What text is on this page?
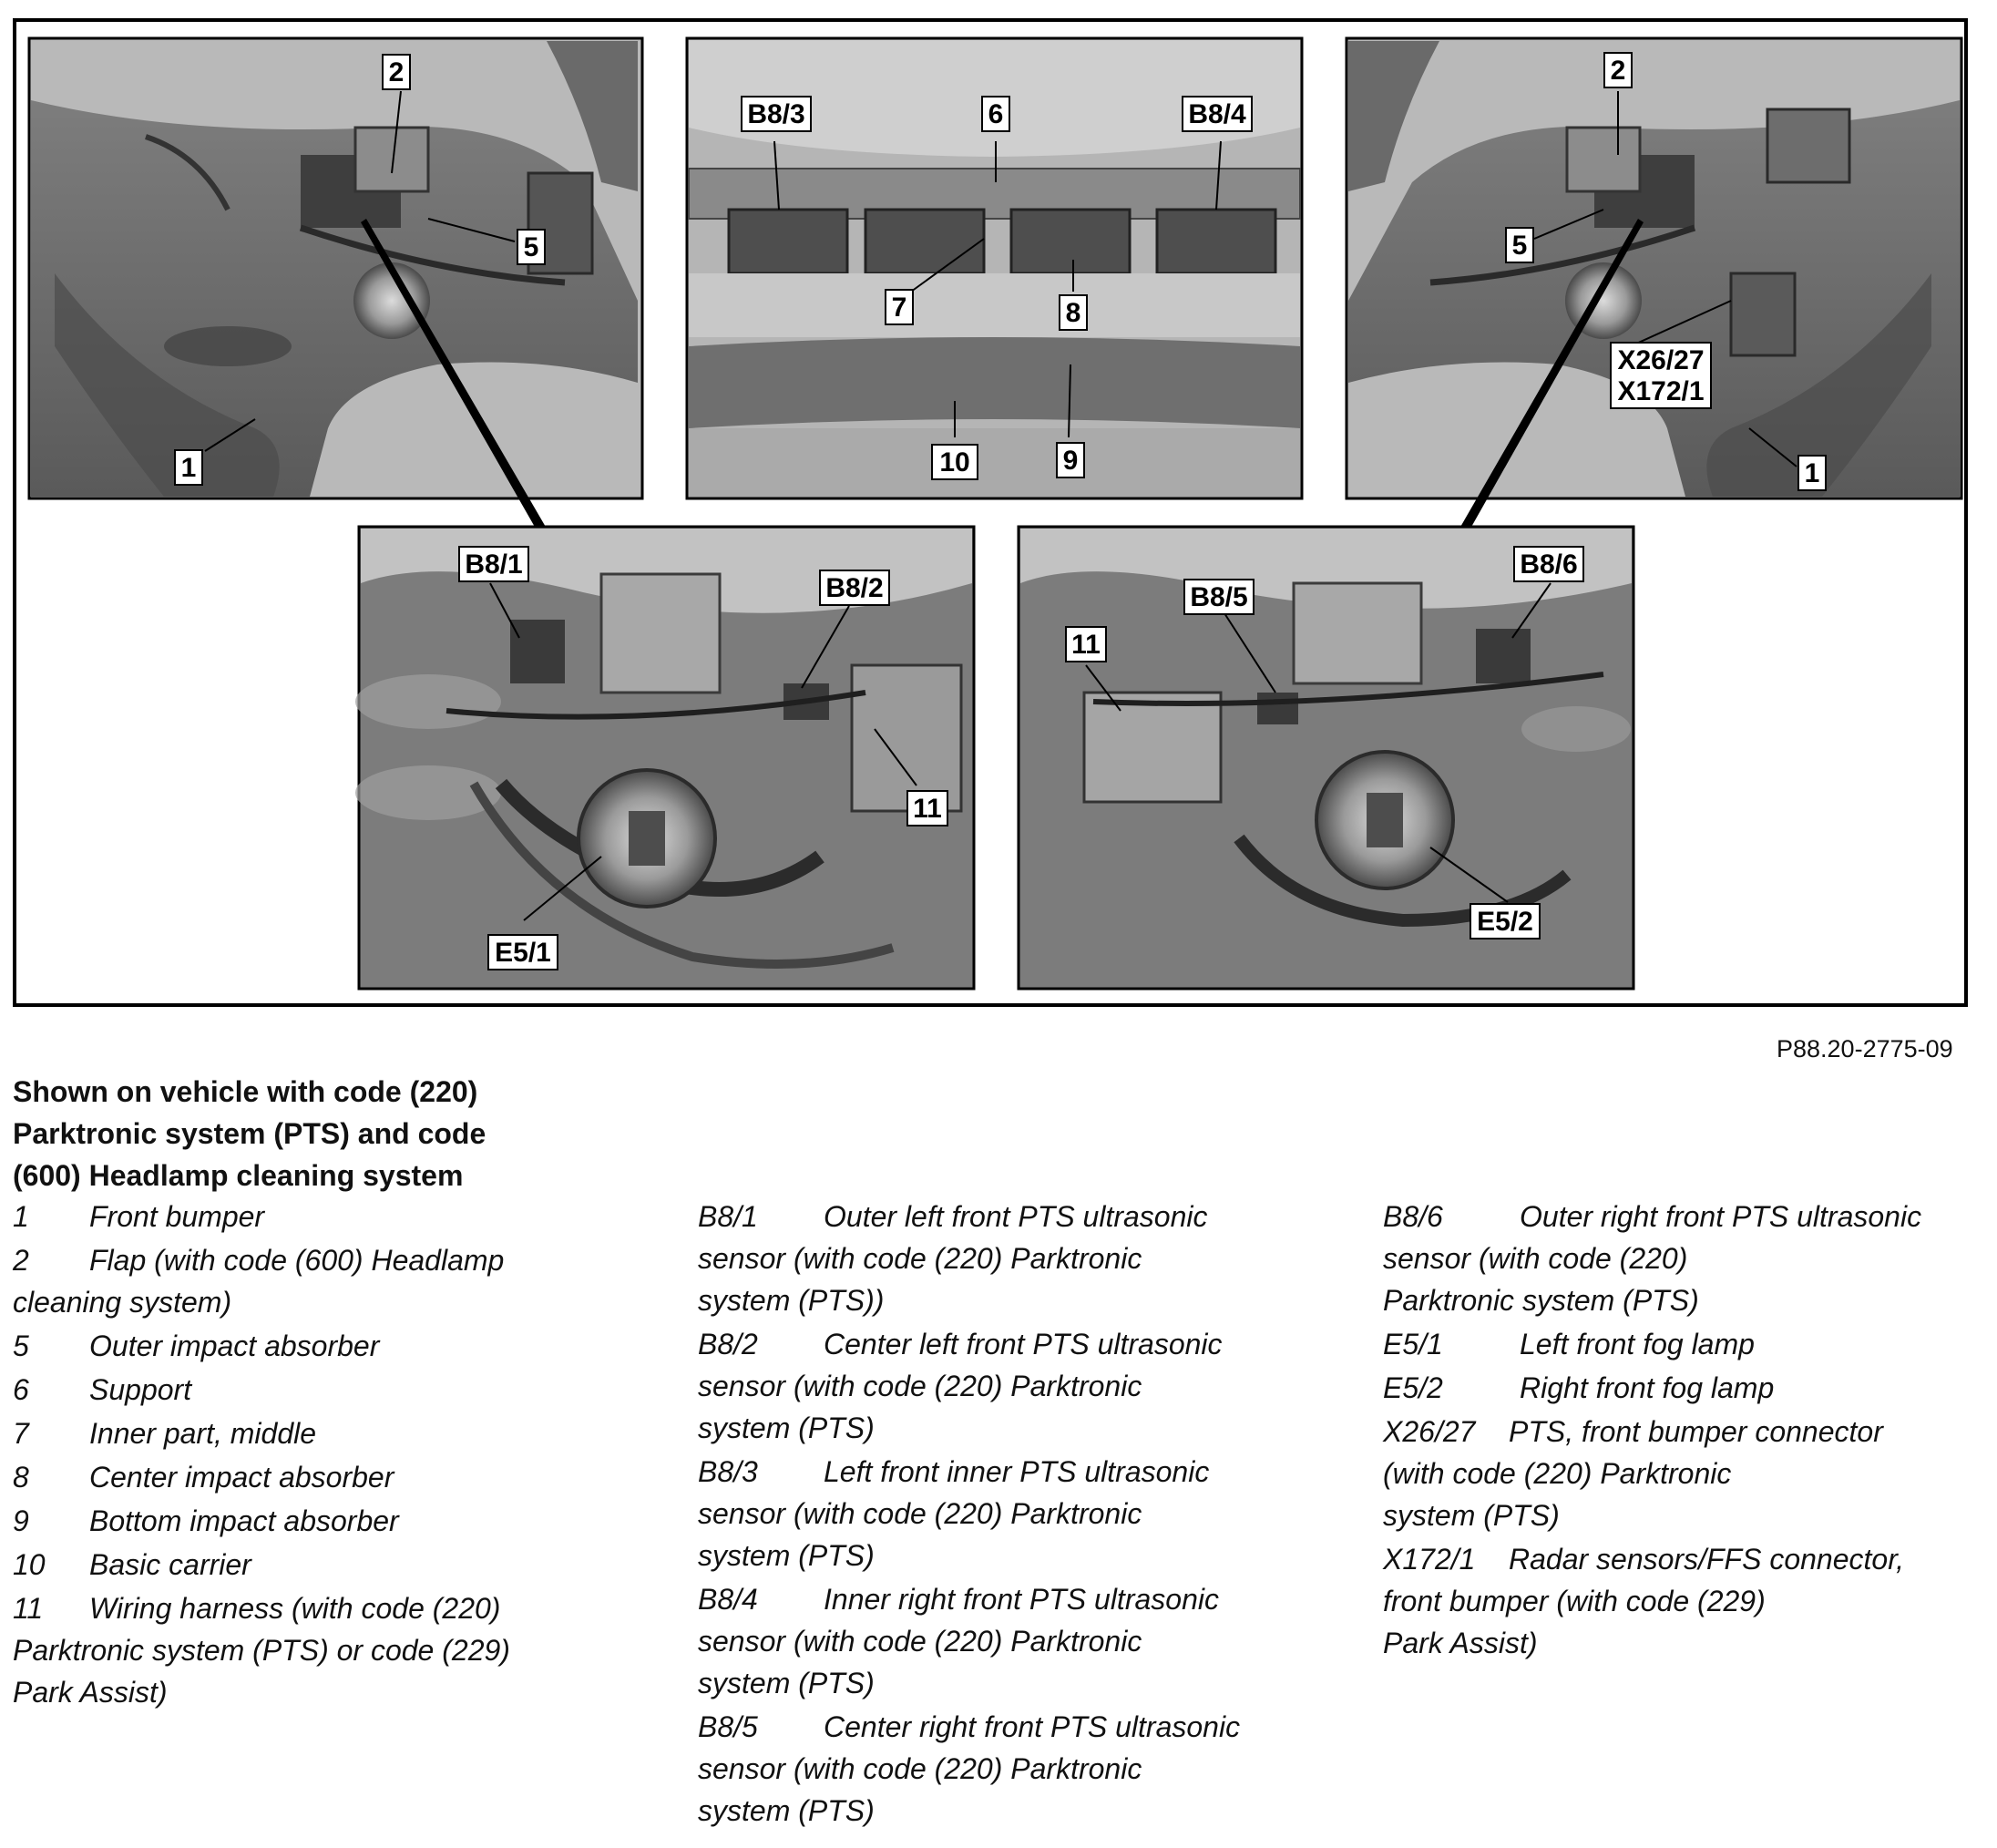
2
5
1
B8/3	6	B8/4
7	8
10	9
2
5
X26/27
X172/1
1
B8/1
B8/2
11
E5/1
B8/5
B8/6
11
E5/2
P88.20-2775-09
Shown on vehicle with code (220)
Parktronic system (PTS) and code
(600) Headlamp cleaning system
1 Front bumper
2 Flap (with code (600) Headlamp
cleaning system)
5 Outer impact absorber
6 Support
7 Inner part, middle
8 Center impact absorber
9 Bottom impact absorber
10 Basic carrier
11 Wiring harness (with code (220)
Parktronic system (PTS) or code (229)
Park Assist)
B8/1 Outer left front PTS ultrasonic
sensor (with code (220) Parktronic
system (PTS))
B8/2 Center left front PTS ultrasonic
sensor (with code (220) Parktronic
system (PTS)
B8/3 Left front inner PTS ultrasonic
sensor (with code (220) Parktronic
system (PTS)
B8/4 Inner right front PTS ultrasonic
sensor (with code (220) Parktronic
system (PTS)
B8/5 Center right front PTS ultrasonic
sensor (with code (220) Parktronic
system (PTS)
B8/6	Outer right front PTS ultrasonic
sensor (with code (220)
Parktronic system (PTS)
E5/1	Left front fog lamp
E5/2	Right front fog lamp
X26/27 PTS, front bumper connector
(with code (220) Parktronic
system (PTS)
X172/1 Radar sensors/FFS connector,
front bumper (with code (229)
Park Assist)
